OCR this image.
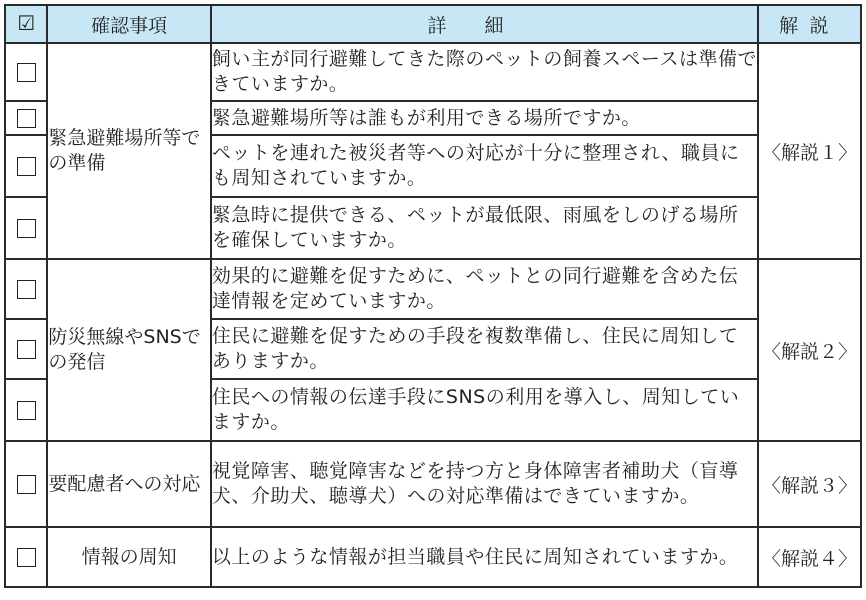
☑	確認事項	詳細	解説
	緊急避難場所等での準備	飼い主が同行避難してきた際のペットの飼養スペースは準備できていますか。	〈解説１〉
		緊急避難場所等は誰もが利用できる場所ですか。	
		ペットを連れた被災者等への対応が十分に整理され、職員にも周知されていますか。	
		緊急時に提供できる、ペットが最低限、雨風をしのげる場所を確保していますか。	
	防災無線やSNSでの発信	効果的に避難を促すために、ペットとの同行避難を含めた伝達情報を定めていますか。	〈解説２〉
		住民に避難を促すための手段を複数準備し、住民に周知してありますか。	
		住民への情報の伝達手段にSNSの利用を導入し、周知していますか。	
	要配慮者への対応	視覚障害、聴覚障害などを持つ方と身体障害者補助犬（盲導犬、介助犬、聴導犬）への対応準備はできていますか。	〈解説３〉
	情報の周知	以上のような情報が担当職員や住民に周知されていますか。	〈解説４〉
